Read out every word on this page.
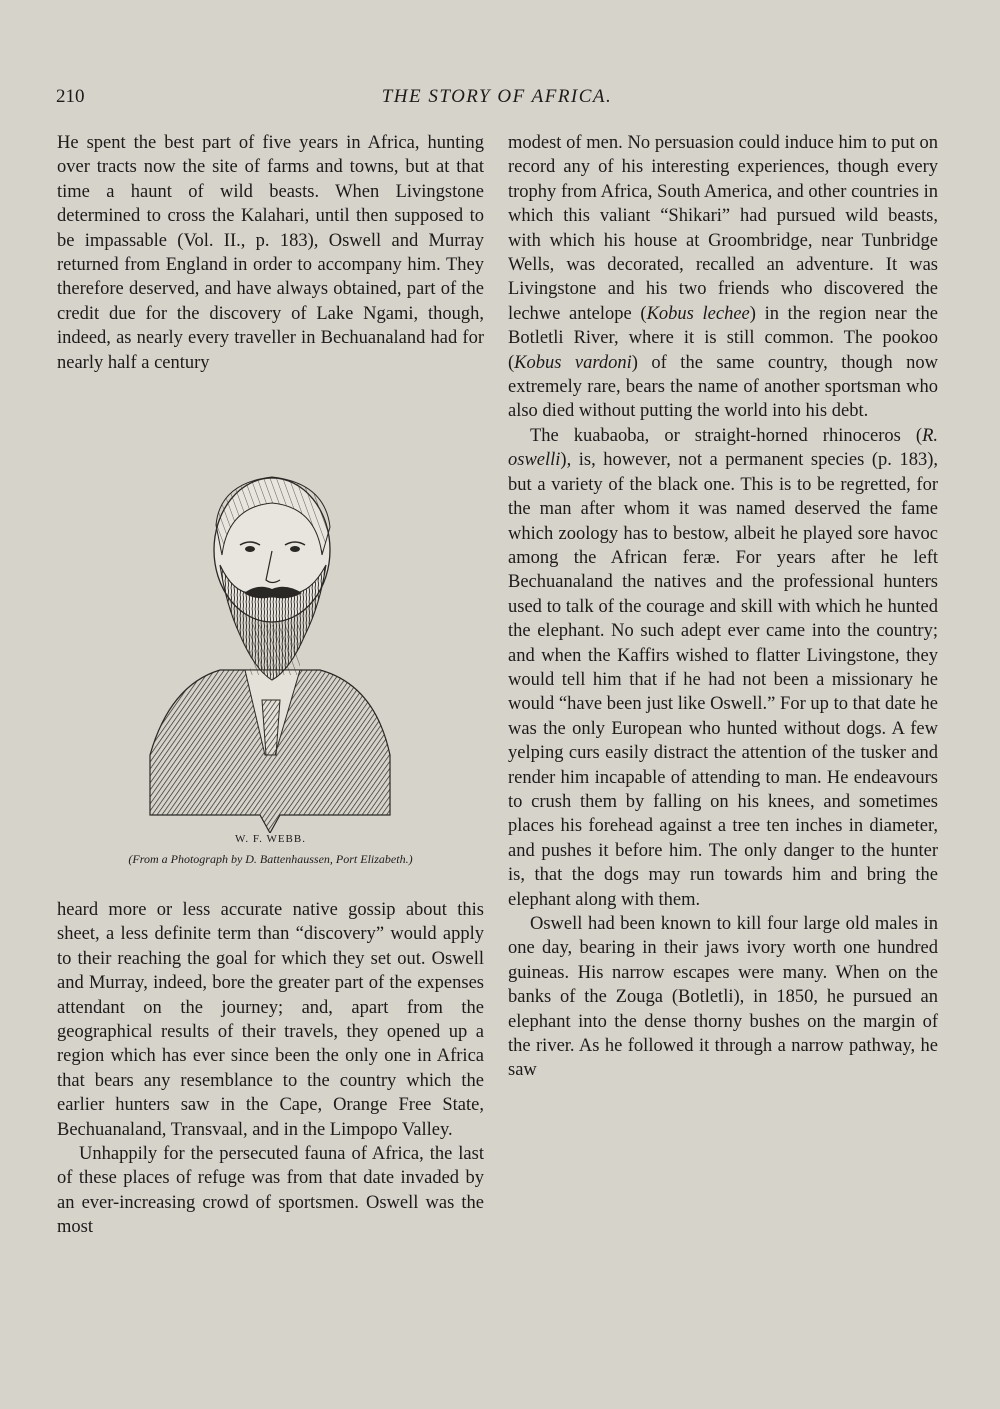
210	THE STORY OF AFRICA.

He spent the best part of five years in Africa, hunting over tracts now the site of farms and towns, but at that time a haunt of wild beasts. When Livingstone determined to cross the Kalahari, until then supposed to be impassable (Vol. II., p. 183), Oswell and Murray returned from England in order to accompany him. They therefore deserved, and have always obtained, part of the credit due for the discovery of Lake Ngami, though, indeed, as nearly every traveller in Bechuanaland had for nearly half a century

W. F. WEBB.
(From a Photograph by D. Battenhaussen, Port Elizabeth.)

heard more or less accurate native gossip about this sheet, a less definite term than “discovery” would apply to their reaching the goal for which they set out. Oswell and Murray, indeed, bore the greater part of the expenses attendant on the journey; and, apart from the geographical results of their travels, they opened up a region which has ever since been the only one in Africa that bears any resemblance to the country which the earlier hunters saw in the Cape, Orange Free State, Bechuanaland, Transvaal, and in the Limpopo Valley.

Unhappily for the persecuted fauna of Africa, the last of these places of refuge was from that date invaded by an ever-increasing crowd of sportsmen. Oswell was the most

modest of men. No persuasion could induce him to put on record any of his interesting experiences, though every trophy from Africa, South America, and other countries in which this valiant “Shikari” had pursued wild beasts, with which his house at Groombridge, near Tunbridge Wells, was decorated, recalled an adventure. It was Livingstone and his two friends who discovered the lechwe antelope (Kobus lechee) in the region near the Botletli River, where it is still common. The pookoo (Kobus vardoni) of the same country, though now extremely rare, bears the name of another sportsman who also died without putting the world into his debt.

The kuabaoba, or straight-horned rhinoceros (R. oswelli), is, however, not a permanent species (p. 183), but a variety of the black one. This is to be regretted, for the man after whom it was named deserved the fame which zoology has to bestow, albeit he played sore havoc among the African feræ. For years after he left Bechuanaland the natives and the professional hunters used to talk of the courage and skill with which he hunted the elephant. No such adept ever came into the country; and when the Kaffirs wished to flatter Livingstone, they would tell him that if he had not been a missionary he would “have been just like Oswell.” For up to that date he was the only European who hunted without dogs. A few yelping curs easily distract the attention of the tusker and render him incapable of attending to man. He endeavours to crush them by falling on his knees, and sometimes places his forehead against a tree ten inches in diameter, and pushes it before him. The only danger to the hunter is, that the dogs may run towards him and bring the elephant along with them.

Oswell had been known to kill four large old males in one day, bearing in their jaws ivory worth one hundred guineas. His narrow escapes were many. When on the banks of the Zouga (Botletli), in 1850, he pursued an elephant into the dense thorny bushes on the margin of the river. As he followed it through a narrow pathway, he saw
